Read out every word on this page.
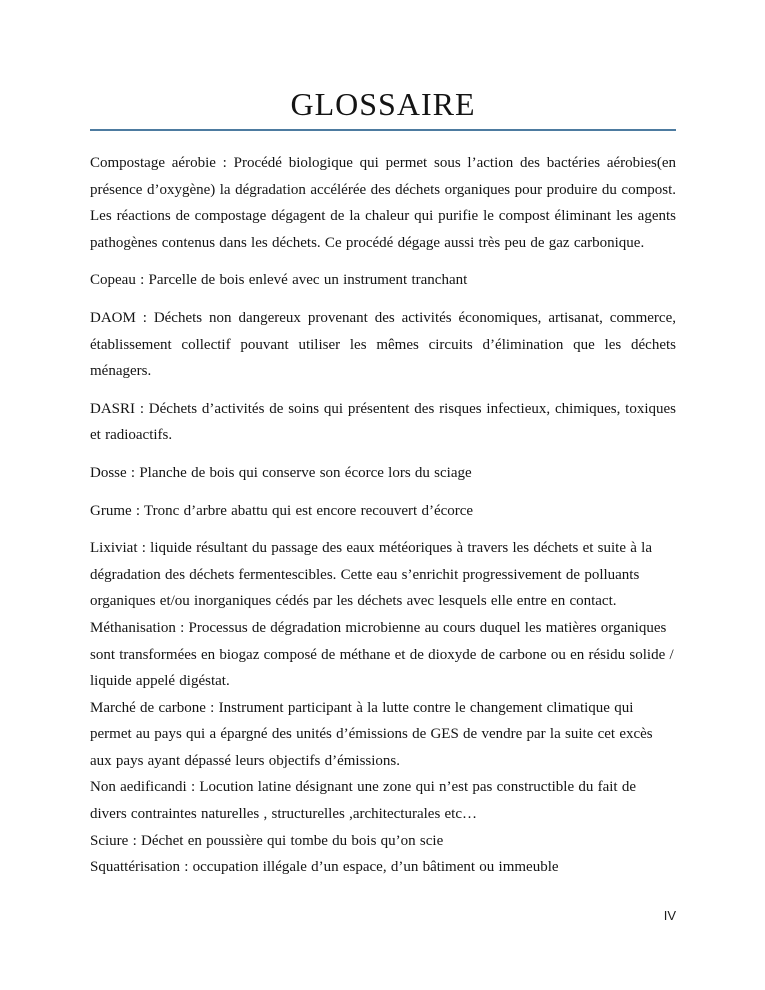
GLOSSAIRE

Compostage aérobie : Procédé biologique qui permet sous l’action des bactéries aérobies(en présence d’oxygène) la dégradation accélérée des déchets organiques pour produire du compost. Les réactions de compostage dégagent de la chaleur qui purifie le compost éliminant les agents pathogènes contenus dans les déchets. Ce procédé dégage aussi très peu de gaz carbonique.

Copeau : Parcelle de bois enlevé avec un instrument tranchant

DAOM : Déchets non dangereux provenant des activités économiques, artisanat, commerce, établissement collectif pouvant utiliser les mêmes circuits d’élimination que les déchets ménagers.

DASRI : Déchets d’activités de soins qui présentent des risques infectieux, chimiques, toxiques et radioactifs.

Dosse : Planche de bois qui conserve son écorce lors du sciage

Grume : Tronc d’arbre abattu qui est encore recouvert d’écorce

Lixiviat : liquide résultant du passage des eaux météoriques à travers les déchets et suite à la dégradation des déchets fermentescibles. Cette eau s’enrichit progressivement de polluants organiques et/ou inorganiques cédés par les déchets avec lesquels elle entre en contact.

Méthanisation : Processus de dégradation microbienne au cours duquel les matières organiques sont transformées en biogaz composé de méthane et de dioxyde de carbone ou en résidu solide / liquide appelé digéstat.

Marché de carbone : Instrument participant à la lutte contre le changement climatique qui permet au pays qui a épargné des unités d’émissions de GES de vendre par la suite cet excès aux pays ayant dépassé leurs objectifs d’émissions.

Non aedificandi : Locution latine désignant une zone qui n’est pas constructible du fait de divers contraintes naturelles , structurelles ,architecturales etc…

Sciure : Déchet en poussière qui tombe du bois qu’on scie

Squattérisation : occupation illégale d’un espace, d’un bâtiment ou immeuble

IV
